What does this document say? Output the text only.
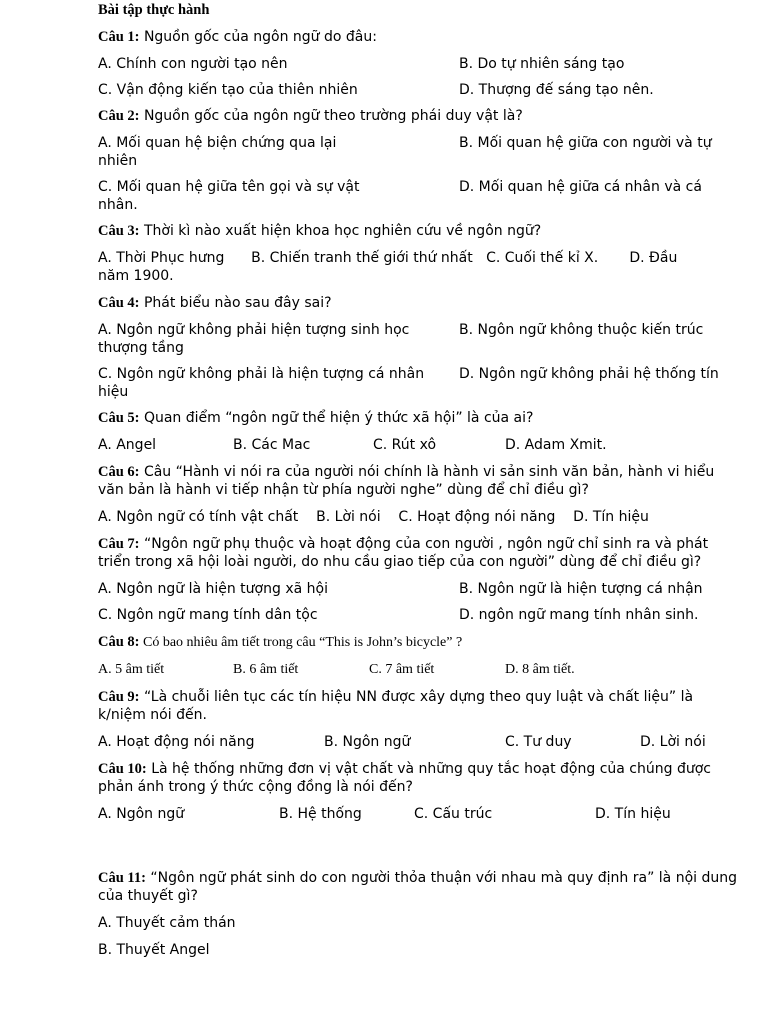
Bài tập thực hành
Câu 1: Nguồn gốc của ngôn ngữ do đâu:
A. Chính con người tạo nên	B. Do tự nhiên sáng tạo
C. Vận động kiến tạo của thiên nhiên	D. Thượng đế sáng tạo nên.
Câu 2: Nguồn gốc của ngôn ngữ theo trường phái duy vật là?
A. Mối quan hệ biện chứng qua lại	B. Mối quan hệ giữa con người và tự
nhiên
C. Mối quan hệ giữa tên gọi và sự vật	D. Mối quan hệ giữa cá nhân và cá
nhân.
Câu 3: Thời kì nào xuất hiện khoa học nghiên cứu về ngôn ngữ?
A. Thời Phục hưng      B. Chiến tranh thế giới thứ nhất   C. Cuối thế kỉ X.       D. Đầu
năm 1900.
Câu 4: Phát biểu nào sau đây sai?
A. Ngôn ngữ không phải hiện tượng sinh học	B. Ngôn ngữ không thuộc kiến trúc
thượng tầng
C. Ngôn ngữ không phải là hiện tượng cá nhân	D. Ngôn ngữ không phải hệ thống tín
hiệu
Câu 5: Quan điểm “ngôn ngữ thể hiện ý thức xã hội” là của ai?
A. Angel	B. Các Mac	C. Rút xô	D. Adam Xmit.
Câu 6: Câu “Hành vi nói ra của người nói chính là hành vi sản sinh văn bản, hành vi hiểu văn bản là hành vi tiếp nhận từ phía người nghe” dùng để chỉ điều gì?
A. Ngôn ngữ có tính vật chất    B. Lời nói    C. Hoạt động nói năng    D. Tín hiệu
Câu 7: “Ngôn ngữ phụ thuộc và hoạt động của con người , ngôn ngữ chỉ sinh ra và phát triển trong xã hội loài người, do nhu cầu giao tiếp của con người” dùng để chỉ điều gì?
A. Ngôn ngữ là hiện tượng xã hội	B. Ngôn ngữ là hiện tượng cá nhận
C. Ngôn ngữ mang tính dân tộc	D. ngôn ngữ mang tính nhân sinh.
Câu 8: Có bao nhiêu âm tiết trong câu “This is John’s bicycle” ?
A. 5 âm tiết	B. 6 âm tiết	C. 7 âm tiết	D. 8 âm tiết.
Câu 9: “Là chuỗi liên tục các tín hiệu NN được xây dựng theo quy luật và chất liệu” là k/niệm nói đến.
A. Hoạt động nói năng	B. Ngôn ngữ	C. Tư duy	D. Lời nói
Câu 10: Là hệ thống những đơn vị vật chất và những quy tắc hoạt động của chúng được phản ánh trong ý thức cộng đồng là nói đến?
A. Ngôn ngữ	B. Hệ thống	C. Cấu trúc	D. Tín hiệu
Câu 11: “Ngôn ngữ phát sinh do con người thỏa thuận với nhau mà quy định ra” là nội dung của thuyết gì?
A. Thuyết cảm thán
B. Thuyết Angel
